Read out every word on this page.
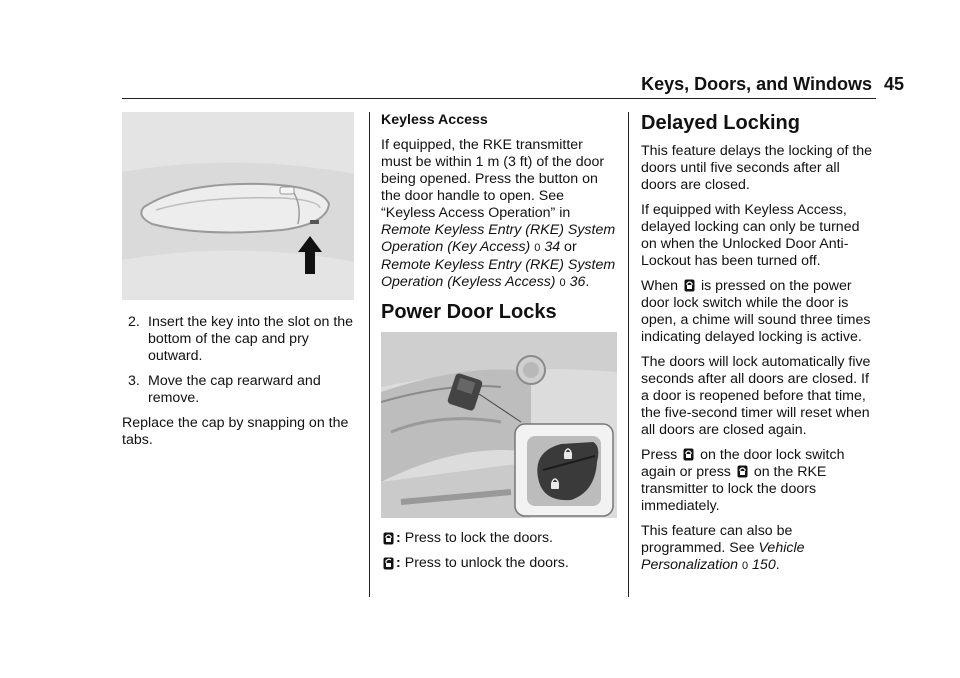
Keys, Doors, and Windows 45
2. Insert the key into the slot on the bottom of the cap and pry outward.
3. Move the cap rearward and remove.

Replace the cap by snapping on the tabs.

Keyless Access

If equipped, the RKE transmitter must be within 1 m (3 ft) of the door being opened. Press the button on the door handle to open. See “Keyless Access Operation” in Remote Keyless Entry (RKE) System Operation (Key Access) 0 34 or Remote Keyless Entry (RKE) System Operation (Keyless Access) 0 36.

Power Door Locks

: Press to lock the doors.
: Press to unlock the doors.

Delayed Locking

This feature delays the locking of the doors until five seconds after all doors are closed.

If equipped with Keyless Access, delayed locking can only be turned on when the Unlocked Door Anti-Lockout has been turned off.

When is pressed on the power door lock switch while the door is open, a chime will sound three times indicating delayed locking is active.

The doors will lock automatically five seconds after all doors are closed. If a door is reopened before that time, the five-second timer will reset when all doors are closed again.

Press on the door lock switch again or press on the RKE transmitter to lock the doors immediately.

This feature can also be programmed. See Vehicle Personalization 0 150.
